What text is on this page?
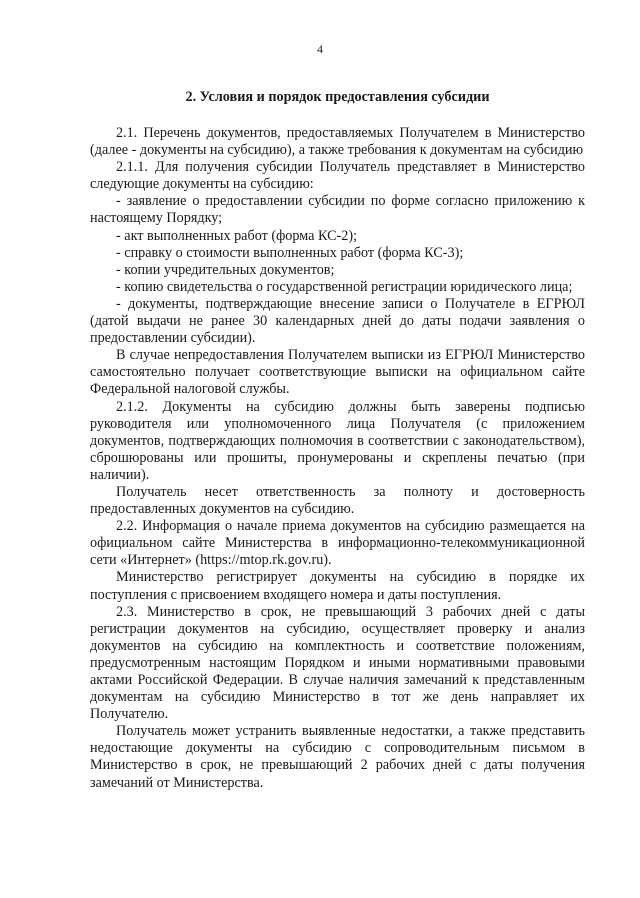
4
2. Условия и порядок предоставления субсидии

2.1. Перечень документов, предоставляемых Получателем в Министерство (далее - документы на субсидию), а также требования к документам на субсидию

2.1.1. Для получения субсидии Получатель представляет в Министерство следующие документы на субсидию:

- заявление о предоставлении субсидии по форме согласно приложению к настоящему Порядку;

- акт выполненных работ (форма КС-2);

- справку о стоимости выполненных работ (форма КС-3);

- копии учредительных документов;

- копию свидетельства о государственной регистрации юридического лица;

- документы, подтверждающие внесение записи о Получателе в ЕГРЮЛ (датой выдачи не ранее 30 календарных дней до даты подачи заявления о предоставлении субсидии).

В случае непредоставления Получателем выписки из ЕГРЮЛ Министерство самостоятельно получает соответствующие выписки на официальном сайте Федеральной налоговой службы.

2.1.2. Документы на субсидию должны быть заверены подписью руководителя или уполномоченного лица Получателя (с приложением документов, подтверждающих полномочия в соответствии с законодательством), сброшюрованы или прошиты, пронумерованы и скреплены печатью (при наличии).

Получатель несет ответственность за полноту и достоверность предоставленных документов на субсидию.

2.2. Информация о начале приема документов на субсидию размещается на официальном сайте Министерства в информационно-телекоммуникационной сети «Интернет» (https://mtop.rk.gov.ru).

Министерство регистрирует документы на субсидию в порядке их поступления с присвоением входящего номера и даты поступления.

2.3. Министерство в срок, не превышающий 3 рабочих дней с даты регистрации документов на субсидию, осуществляет проверку и анализ документов на субсидию на комплектность и соответствие положениям, предусмотренным настоящим Порядком и иными нормативными правовыми актами Российской Федерации. В случае наличия замечаний к представленным документам на субсидию Министерство в тот же день направляет их Получателю.

Получатель может устранить выявленные недостатки, а также представить недостающие документы на субсидию с сопроводительным письмом в Министерство в срок, не превышающий 2 рабочих дней с даты получения замечаний от Министерства.
